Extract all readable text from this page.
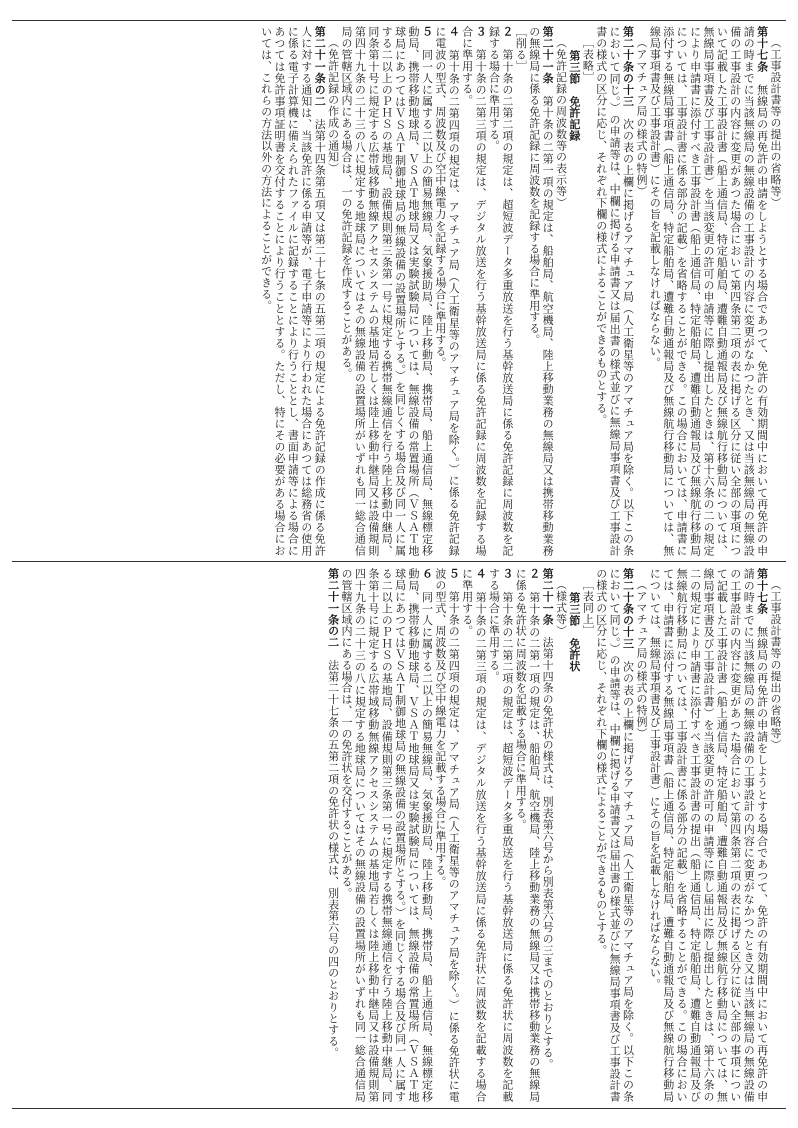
（工事設計書等の提出の省略等）

第十七条　無線局の再免許の申請をしようとする場合であつて、免許の有効期間中において再免許の申請の時までに当該無線局の無線設備の工事設計の内容に変更がなかつたとき、又は当該無線局の無線設備の工事設計の内容に変更があつた場合において第四条第二項の表に掲げる区分に従い全部の事項について記載した工事設計書（船上通信局、特定船舶局、遭難自動通報局及び無線航行移動局については、無線局事項書及び工事設計書）を当該変更の許可の申請等に際し提出したときは、第十六条の二の規定により申請書に添付すべき工事設計書（船上通信局、特定船舶局、遭難自動通報局及び無線航行移動局については、工事設計書に係る部分の記載）を省略することができる。この場合においては、申請書に添付する無線局事項書（船上通信局、特定船舶局、遭難自動通報局及び無線航行移動局については、無線局事項書及び工事設計書）にその旨を記載しなければならない。

（アマチュア局の様式の特例）

第二十条の十三　次の表の上欄に掲げるアマチュア局（人工衛星等のアマチュア局を除く。以下この条において同じ。）の申請等は、中欄に掲げる申請書又は届出書の様式並びに無線局事項書及び工事設計書の様式の区分に応じ、それぞれ下欄の様式によることができるものとする。

［表略］

第三節　免許記録

（免許記録の周波数等の表示等）

第二十一条　第十条の二第一項の規定は、船舶局、航空機局、陸上移動業務の無線局又は携帯移動業務の無線局に係る免許記録に周波数を記録する場合に準用する。

［削る］

２　第十条の二第二項の規定は、超短波データ多重放送を行う基幹放送局に係る免許記録に周波数を記録する場合に準用する。

３　第十条の二第三項の規定は、デジタル放送を行う基幹放送局に係る免許記録に周波数を記録する場合に準用する。

４　第十条の二第四項の規定は、アマチュア局（人工衛星等のアマチュア局を除く。）に係る免許記録に電波の型式、周波数及び空中線電力を記録する場合に準用する。

５　同一人に属する二以上の簡易無線局、気象援助局、陸上移動局、携帯局、船上通信局、無線標定移動局、携帯移動地球局、ＶＳＡＴ地球局又は実験試験局については、無線設備の常置場所（ＶＳＡＴ地球局にあつてはＶＳＡＴ制御地球局の無線設備の設置場所とする。）を同じくする場合及び同一人に属する二以上のＰＨＳの基地局、設備規則第三条第一号に規定する携帯無線通信を行う陸上移動中継局、同条第十号に規定する広帯域移動無線アクセスシステムの基地局若しくは陸上移動中継局又は設備規則第四十九条の二十三の八に規定する地球局についてはその無線設備の設置場所がいずれも同一総合通信局の管轄区域内にある場合は、一の免許記録を作成することがある。

（免許記録の作成の通知）

第二十一条の二　法第十四条第五項又は第二十七条の五第二項の規定による免許記録の作成に係る免許人に対する通知は、当該免許に係る申請等が、電子申請等により行われた場合にあつては総務省の使用に係る電子計算機に備えられたファイルに記録することにより行うこととし、書面申請等による場合にあつては免許事項証明書を交付することにより行うこととする。ただし、特にその必要がある場合においては、これらの方法以外の方法によることができる。

（工事設計書等の提出の省略等）

第十七条　無線局の再免許の申請をしようとする場合であつて、免許の有効期間中において再免許の申請の時までに当該無線局の無線設備の工事設計の内容に変更がなかつたとき又は当該無線局の無線設備の工事設計の内容に変更があつた場合において第四条第二項の表に掲げる区分に従い全部の事項について記載した工事設計書（船上通信局、特定船舶局、遭難自動通報局及び無線航行移動局については、無線局事項書及び工事設計書）を当該変更の許可の申請等に際し届出に際し提出したときは、第十六条の二の規定により申請書に添付すべき工事設計書の提出（船上通信局、特定船舶局、遭難自動通報局及び無線航行移動局については、工事設計書に係る部分の記載）を省略することができる。この場合においては、申請書に添付する無線局事項書（船上通信局、特定船舶局、遭難自動通報局及び無線航行移動局については、無線局事項書及び工事設計書）にその旨を記載しなければならない。

（アマチュア局の様式の特例）

第二十条の十三　次の表の上欄に掲げるアマチュア局（人工衛星等のアマチュア局を除く。以下この条において同じ。）の申請等は、中欄に掲げる申請書又は届出書の様式並びに無線局事項書及び工事設計書の様式の区分に応じ、それぞれ下欄の様式によることができるものとする。

［表同上］

第三節　免許状

（様式等）

第二十一条　法第十四条の免許状の様式は、別表第六号から別表第六号の三までのとおりとする。

２　第十条の二第一項の規定は、船舶局、航空機局、陸上移動業務の無線局又は携帯移動業務の無線局に係る免許状に周波数を記載する場合に準用する。

３　第十条の二第二項の規定は、超短波データ多重放送を行う基幹放送局に係る免許状に周波数を記載する場合に準用する。

４　第十条の二第三項の規定は、デジタル放送を行う基幹放送局に係る免許状に周波数を記載する場合に準用する。

５　第十条の二第四項の規定は、アマチュア局（人工衛星等のアマチュア局を除く。）に係る免許状に電波の型式、周波数及び空中線電力を記載する場合に準用する。

６　同一人に属する二以上の簡易無線局、気象援助局、陸上移動局、携帯局、船上通信局、無線標定移動局、携帯移動地球局、ＶＳＡＴ地球局又は実験試験局については、無線設備の常置場所（ＶＳＡＴ地球局にあつてはＶＳＡＴ制御地球局の無線設備の設置場所とする。）を同じくする場合及び同一人に属する二以上のＰＨＳの基地局、設備規則第三条第一号に規定する携帯無線通信を行う陸上移動中継局、同条第十号に規定する広帯域移動無線アクセスシステムの基地局若しくは陸上移動中継局又は設備規則第四十九条の二十三の八に規定する地球局についてはその無線設備の設置場所がいずれも同一総合通信局の管轄区域内にある場合は、一の免許状を交付することがある。

第二十一条の二　法第二十七条の五第二項の免許状の様式は、別表第六号の四のとおりとする。
